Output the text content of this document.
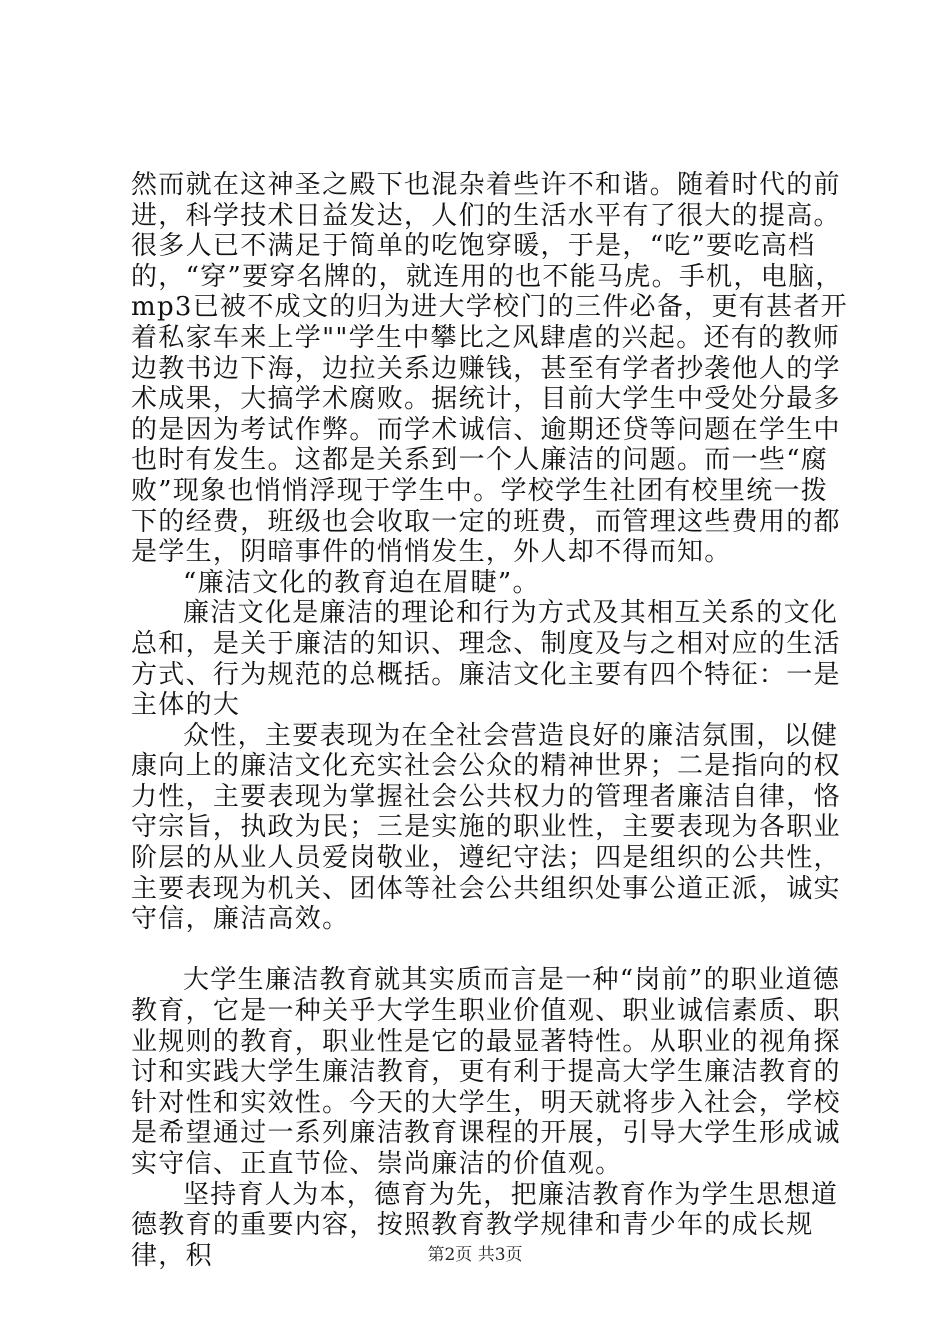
然而就在这神圣之殿下也混杂着些许不和谐。随着时代的前进，科学技术日益发达，人们的生活水平有了很大的提高。很多人已不满足于简单的吃饱穿暖，于是，“吃”要吃高档的，“穿”要穿名牌的，就连用的也不能马虎。手机，电脑，mp3已被不成文的归为进大学校门的三件必备，更有甚者开着私家车来上学""学生中攀比之风肆虐的兴起。还有的教师边教书边下海，边拉关系边赚钱，甚至有学者抄袭他人的学术成果，大搞学术腐败。据统计，目前大学生中受处分最多的是因为考试作弊。而学术诚信、逾期还贷等问题在学生中也时有发生。这都是关系到一个人廉洁的问题。而一些“腐败”现象也悄悄浮现于学生中。学校学生社团有校里统一拨下的经费，班级也会收取一定的班费，而管理这些费用的都是学生，阴暗事件的悄悄发生，外人却不得而知。

“廉洁文化的教育迫在眉睫”。

廉洁文化是廉洁的理论和行为方式及其相互关系的文化总和，是关于廉洁的知识、理念、制度及与之相对应的生活方式、行为规范的总概括。廉洁文化主要有四个特征：一是主体的大

众性，主要表现为在全社会营造良好的廉洁氛围，以健康向上的廉洁文化充实社会公众的精神世界；二是指向的权力性，主要表现为掌握社会公共权力的管理者廉洁自律，恪守宗旨，执政为民；三是实施的职业性，主要表现为各职业阶层的从业人员爱岗敬业，遵纪守法；四是组织的公共性，主要表现为机关、团体等社会公共组织处事公道正派，诚实守信，廉洁高效。

大学生廉洁教育就其实质而言是一种“岗前”的职业道德教育，它是一种关乎大学生职业价值观、职业诚信素质、职业规则的教育，职业性是它的最显著特性。从职业的视角探讨和实践大学生廉洁教育，更有利于提高大学生廉洁教育的针对性和实效性。今天的大学生，明天就将步入社会，学校是希望通过一系列廉洁教育课程的开展，引导大学生形成诚实守信、正直节俭、崇尚廉洁的价值观。

坚持育人为本，德育为先，把廉洁教育作为学生思想道德教育的重要内容，按照教育教学规律和青少年的成长规律，积	第2页 共3页
